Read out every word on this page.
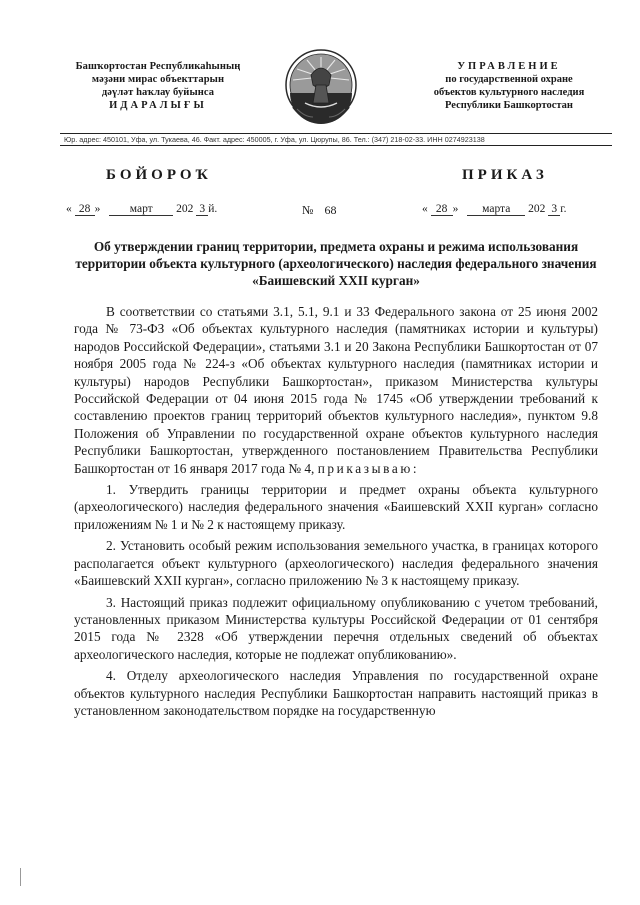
Башҡортостан Республикаһының
мәҙәни мирас объекттарын
дәүләт һаҡлау буйынса
ИДАРАЛЫҒЫ
УПРАВЛЕНИЕ
по государственной охране
объектов культурного наследия
Республики Башкортостан
Юр. адрес: 450101, Уфа, ул. Тукаева, 46. Факт. адрес: 450005, г. Уфа, ул. Цюрупы, 86. Тел.: (347) 218-02-33. ИНН 0274923138
БОЙОРОҠ	ПРИКАЗ
« 28 »	март 202 3 й.	№ 68	« 28 » марта 202 3 г.
Об утверждении границ территории, предмета охраны и режима использования территории объекта культурного (археологического) наследия федерального значения «Баишевский XXII курган»

В соответствии со статьями 3.1, 5.1, 9.1 и 33 Федерального закона от 25 июня 2002 года № 73-ФЗ «Об объектах культурного наследия (памятниках истории и культуры) народов Российской Федерации», статьями 3.1 и 20 Закона Республики Башкортостан от 07 ноября 2005 года № 224-з «Об объектах культурного наследия (памятниках истории и культуры) народов Республики Башкортостан», приказом Министерства культуры Российской Федерации от 04 июня 2015 года № 1745 «Об утверждении требований к составлению проектов границ территорий объектов культурного наследия», пунктом 9.8 Положения об Управлении по государственной охране объектов культурного наследия Республики Башкортостан, утвержденного постановлением Правительства Республики Башкортостан от 16 января 2017 года № 4, приказываю:

1. Утвердить границы территории и предмет охраны объекта культурного (археологического) наследия федерального значения «Баишевский XXII курган» согласно приложениям № 1 и № 2 к настоящему приказу.

2. Установить особый режим использования земельного участка, в границах которого располагается объект культурного (археологического) наследия федерального значения «Баишевский XXII курган», согласно приложению № 3 к настоящему приказу.

3. Настоящий приказ подлежит официальному опубликованию с учетом требований, установленных приказом Министерства культуры Российской Федерации от 01 сентября 2015 года № 2328 «Об утверждении перечня отдельных сведений об объектах археологического наследия, которые не подлежат опубликованию».

4. Отделу археологического наследия Управления по государственной охране объектов культурного наследия Республики Башкортостан направить настоящий приказ в установленном законодательством порядке на государственную
